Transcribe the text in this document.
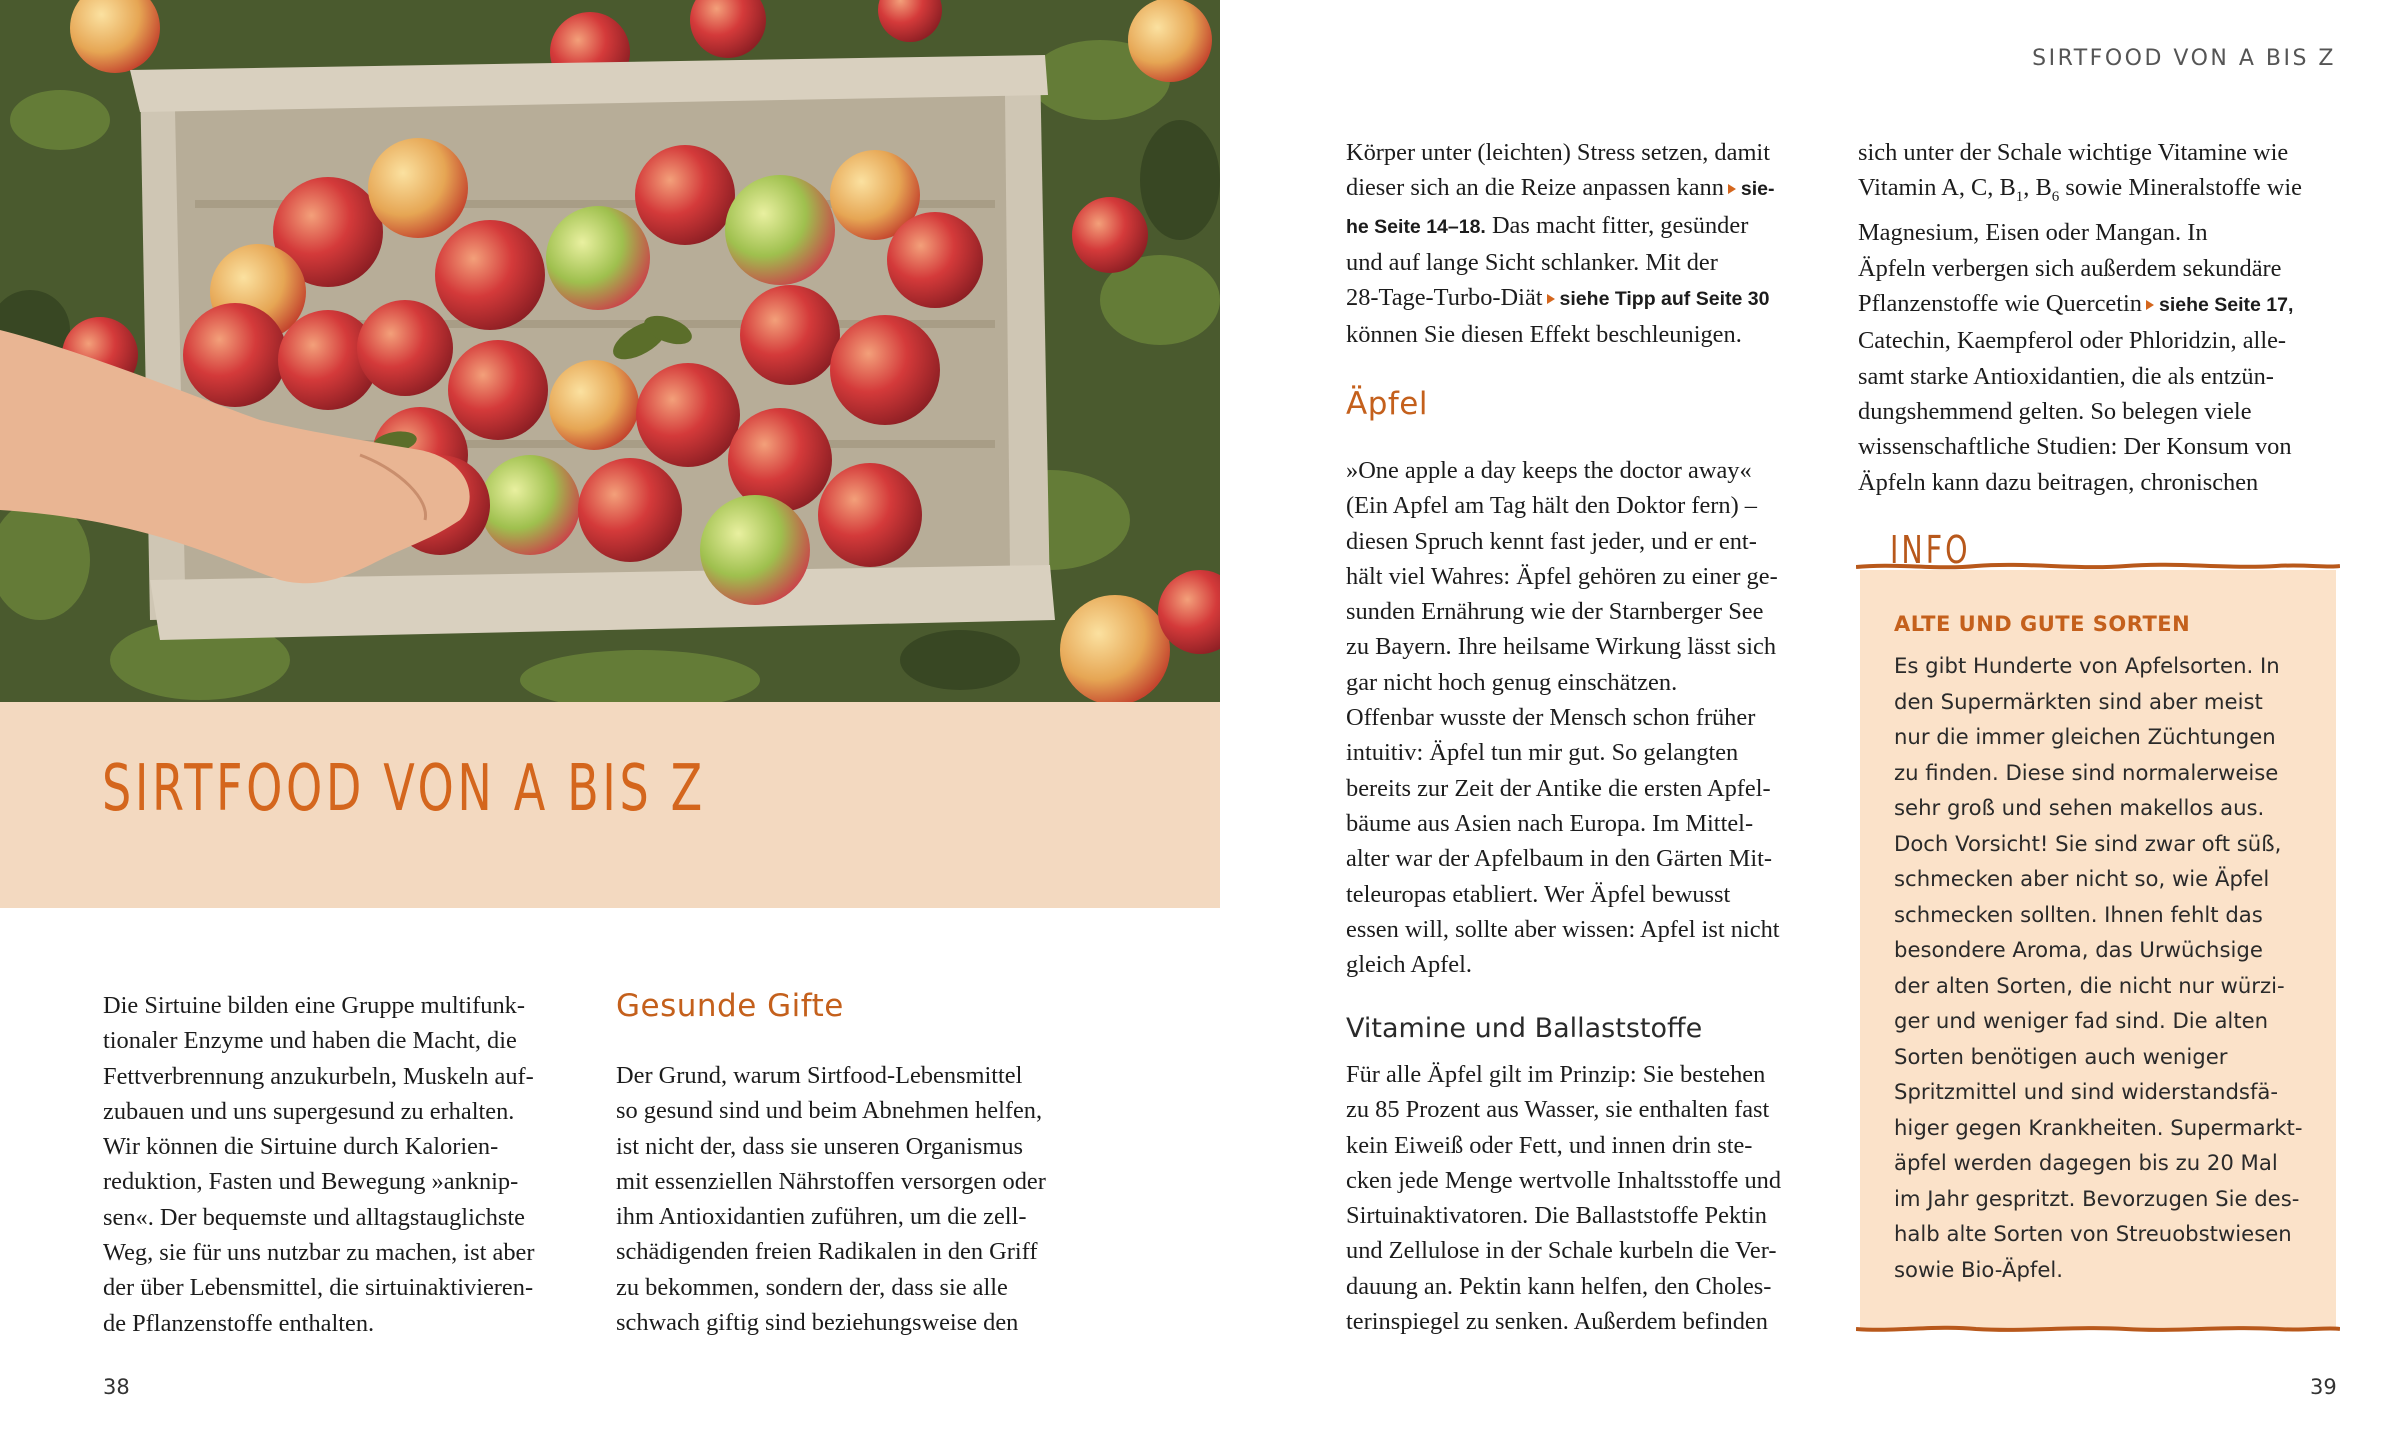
SIRTFOOD VON A BIS Z
SIRTFOOD VON A BIS Z
38	39
Die Sirtuine bilden eine Gruppe multifunk-
tionaler Enzyme und haben die Macht, die
Fettverbrennung anzukurbeln, Muskeln auf-
zubauen und uns supergesund zu erhalten.
Wir können die Sirtuine durch Kalorien-
reduktion, Fasten und Bewegung »anknip-
sen«. Der bequemste und alltagstauglichste
Weg, sie für uns nutzbar zu machen, ist aber
der über Lebensmittel, die sirtuinaktivieren-
de Pflanzenstoffe enthalten.
Gesunde Gifte
Der Grund, warum Sirtfood-Lebensmittel
so gesund sind und beim Abnehmen helfen,
ist nicht der, dass sie unseren Organismus
mit essenziellen Nährstoffen versorgen oder
ihm Antioxidantien zuführen, um die zell-
schädigenden freien Radikalen in den Griff
zu bekommen, sondern der, dass sie alle
schwach giftig sind beziehungsweise den
Körper unter (leichten) Stress setzen, damit
dieser sich an die Reize anpassen kann sie-
he Seite 14–18. Das macht fitter, gesünder
und auf lange Sicht schlanker. Mit der
28-Tage-Turbo-Diät siehe Tipp auf Seite 30
können Sie diesen Effekt beschleunigen.
Äpfel
»One apple a day keeps the doctor away«
(Ein Apfel am Tag hält den Doktor fern) –
diesen Spruch kennt fast jeder, und er ent-
hält viel Wahres: Äpfel gehören zu einer ge-
sunden Ernährung wie der Starnberger See
zu Bayern. Ihre heilsame Wirkung lässt sich
gar nicht hoch genug einschätzen.
Offenbar wusste der Mensch schon früher
intuitiv: Äpfel tun mir gut. So gelangten
bereits zur Zeit der Antike die ersten Apfel-
bäume aus Asien nach Europa. Im Mittel-
alter war der Apfelbaum in den Gärten Mit-
teleuropas etabliert. Wer Äpfel bewusst
essen will, sollte aber wissen: Apfel ist nicht
gleich Apfel.
Vitamine und Ballaststoffe
Für alle Äpfel gilt im Prinzip: Sie bestehen
zu 85 Prozent aus Wasser, sie enthalten fast
kein Eiweiß oder Fett, und innen drin ste-
cken jede Menge wertvolle Inhaltsstoffe und
Sirtuinaktivatoren. Die Ballaststoffe Pektin
und Zellulose in der Schale kurbeln die Ver-
dauung an. Pektin kann helfen, den Choles-
terinspiegel zu senken. Außerdem befinden
sich unter der Schale wichtige Vitamine wie
Vitamin A, C, $B_1$, $B_6$ sowie Mineralstoffe wie
Magnesium, Eisen oder Mangan. In
Äpfeln verbergen sich außerdem sekundäre
Pflanzenstoffe wie Quercetin siehe Seite 17,
Catechin, Kaempferol oder Phloridzin, alle-
samt starke Antioxidantien, die als entzün-
dungshemmend gelten. So belegen viele
wissenschaftliche Studien: Der Konsum von
Äpfeln kann dazu beitragen, chronischen
INFO
ALTE UND GUTE SORTEN
Es gibt Hunderte von Apfelsorten. In
den Supermärkten sind aber meist
nur die immer gleichen Züchtungen
zu finden. Diese sind normalerweise
sehr groß und sehen makellos aus.
Doch Vorsicht! Sie sind zwar oft süß,
schmecken aber nicht so, wie Äpfel
schmecken sollten. Ihnen fehlt das
besondere Aroma, das Urwüchsige
der alten Sorten, die nicht nur würzi-
ger und weniger fad sind. Die alten
Sorten benötigen auch weniger
Spritzmittel und sind widerstandsfä-
higer gegen Krankheiten. Supermarkt-
äpfel werden dagegen bis zu 20 Mal
im Jahr gespritzt. Bevorzugen Sie des-
halb alte Sorten von Streuobstwiesen
sowie Bio-Äpfel.
